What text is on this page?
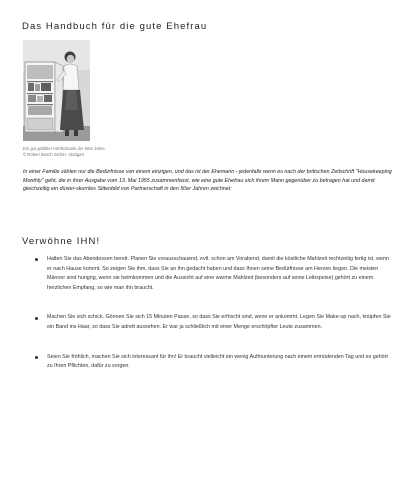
Das Handbuch für die gute Ehefrau
Ein gut gefüllter Kühlschrank der 50er Jahre.
© Robert Bosch GmbH, Stuttgart
In einer Familie zählen nur die Bedürfnisse von einem einzigen, und das ist der Ehemann - jedenfalls wenn es nach der britischen Zeitschrift "Housekeeping Monthly" geht, die in ihrer Ausgabe vom 13. Mai 1955 zusammenfasst, wie eine gute Ehefrau sich ihrem Mann gegenüber zu betragen hat und damit gleichzeitig ein düster-skurriles Sittenbild von Partnerschaft in den 50er Jahren zeichnet:
Verwöhne IHN!
Halten Sie das Abendessen bereit. Planen Sie vorausschauend, evtl. schon am Vorabend, damit die köstliche Mahlzeit rechtzeitig fertig ist, wenn er nach Hause kommt. So zeigen Sie ihm, dass Sie an ihn gedacht haben und dass Ihnen seine Bedürfnisse am Herzen liegen. Die meisten Männer sind hungrig, wenn sie heimkommen und die Aussicht auf eine warme Mahlzeit (besonders auf seine Leibspeise) gehört zu einem herzlichen Empfang, so wie man ihn braucht.
Machen Sie sich schick. Gönnen Sie sich 15 Minuten Pause, so dass Sie erfrischt sind, wenn er ankommt. Legen Sie Make-up nach, knüpfen Sie ein Band ins Haar, so dass Sie adrett aussehen. Er war ja schließlich mit einer Menge erschöpfter Leute zusammen.
Seien Sie fröhlich, machen Sie sich interessant für ihn! Er braucht vielleicht ein wenig Aufmunterung nach einem ermüdenden Tag und es gehört zu Ihren Pflichten, dafür zu sorgen.
